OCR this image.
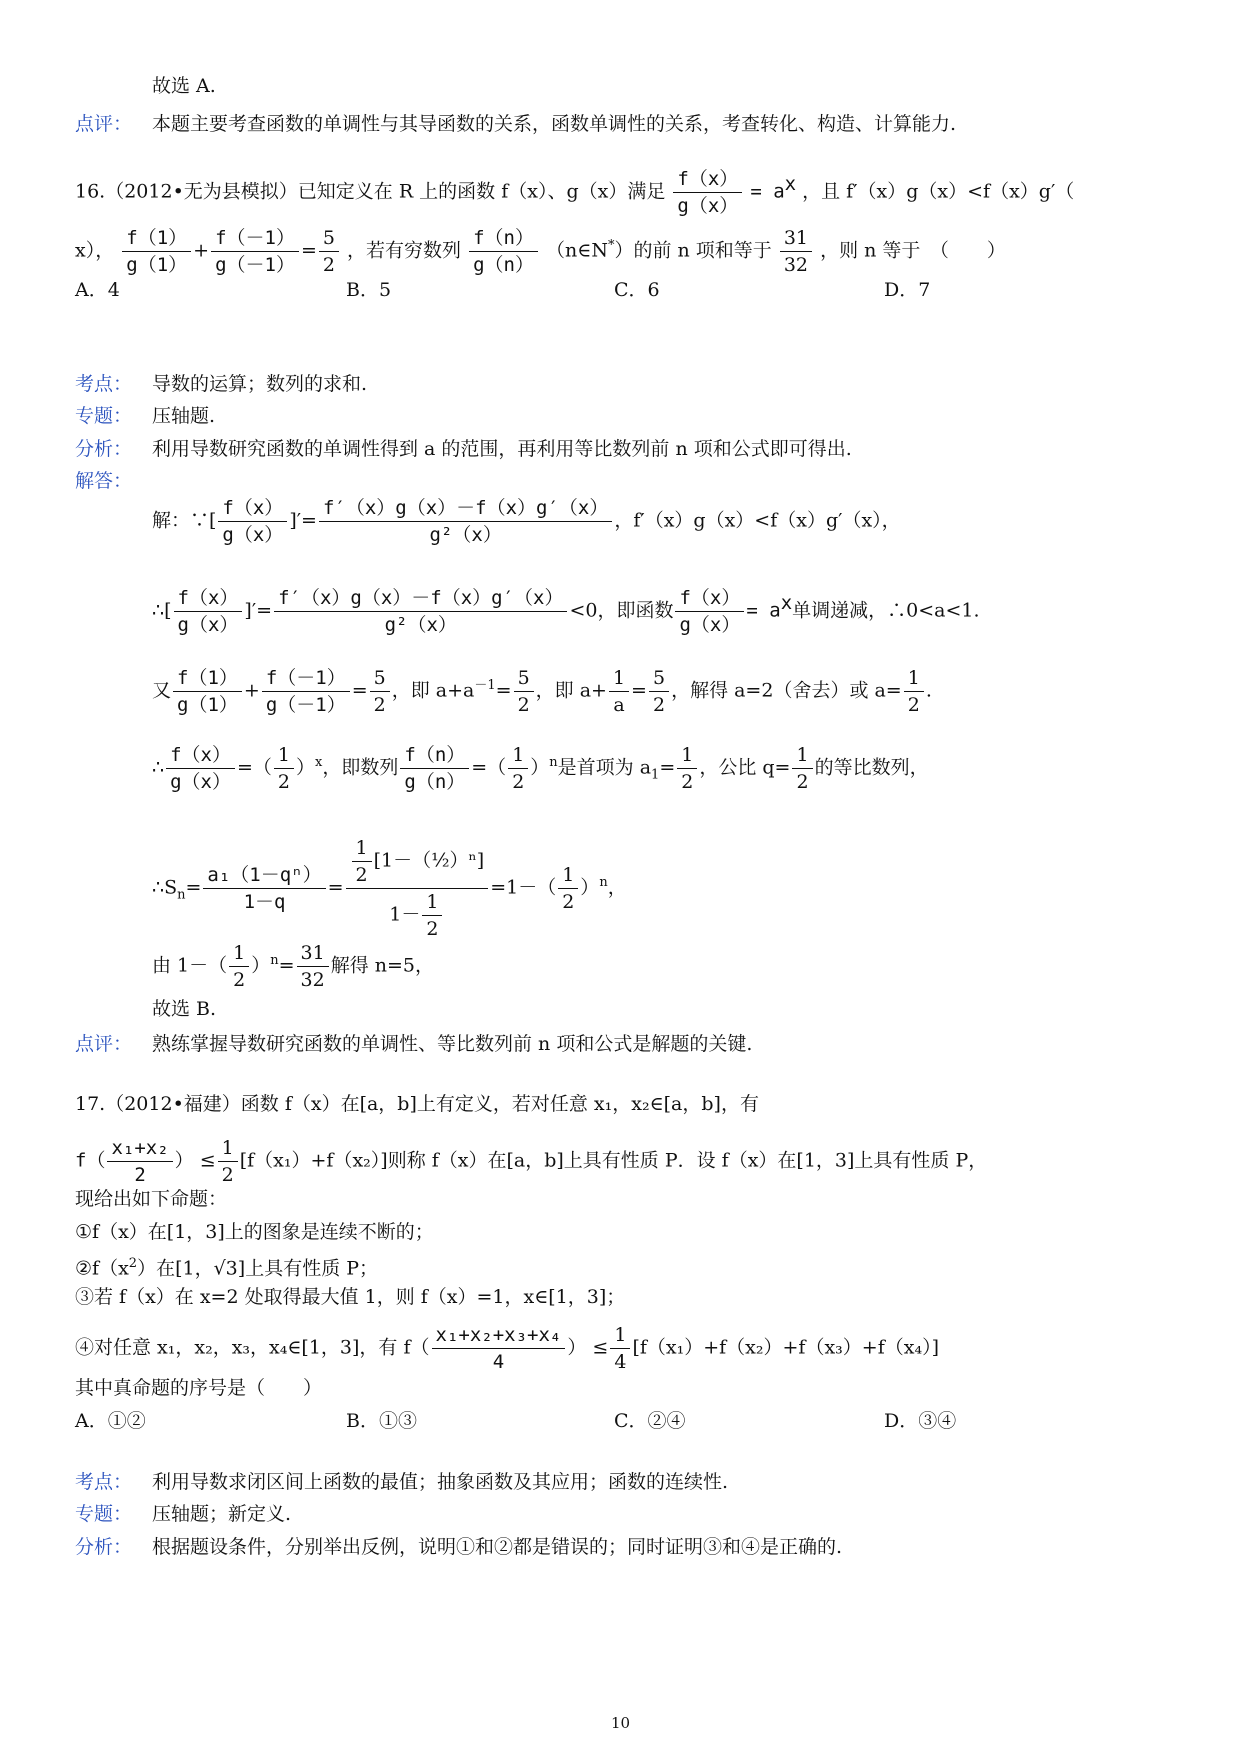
故选 A.
点评： 本题主要考查函数的单调性与其导函数的关系，函数单调性的关系，考查转化、构造、计算能力.
16.（2012•无为县模拟）已知定义在 R 上的函数 f（x）、g（x）满足 $\frac{f(x)}{g(x)} = a^x$ ，且 f′（x）g（x）<f（x）g′（
x）， $\frac{f(1)}{g(1)} + \frac{f(-1)}{g(-1)} = \frac{5}{2}$ ，若有穷数列 $\frac{f(n)}{g(n)}$ （n∈N*）的前 n 项和等于 $\frac{31}{32}$ ，则 n 等于　（　　）
A．4	B．5	C．6	D．7
考点： 导数的运算；数列的求和.
专题： 压轴题.
分析： 利用导数研究函数的单调性得到 a 的范围，再利用等比数列前 n 项和公式即可得出.
解答：
解：∵[ $\frac{f(x)}{g(x)}$ ]′= $\frac{f'(x)g(x)-f(x)g'(x)}{\text{g²（x）}}$ ，f′（x）g（x）<f（x）g′（x），
∴[ $\frac{f(x)}{g(x)}$ ]′= $\frac{f'(x)g(x)-f(x)g'(x)}{\text{g²（x）}} <0$，即函数 $\frac{f(x)}{g(x)} = a^x$单调递减，∴0<a<1.
又 $\frac{f(1)}{g(1)} + \frac{f(-1)}{g(-1)} = \frac{5}{2}$ ，即 $a+a^{-1}= \frac{5}{2}$ ，即 $a+ \frac{1}{a} = \frac{5}{2}$ ，解得 a=2（舍去）或 $a= \frac{1}{2}$ .
∴ $\frac{f(x)}{g(x)}$ =（ $\frac{1}{2} )^x$，即数列 $\frac{f(n)}{g(n)}$ =（ $\frac{1}{2} )^n$是首项为 $a_1= \frac{1}{2}$ ，公比 $q= \frac{1}{2}$ 的等比数列，
$\therefore S_n= \frac{\text{a₁（1－qⁿ）}}{1-q} = \frac{\frac{1}{2} [1-(\frac{1}{2})^n]}{1- \frac{1}{2}} =1-( \frac{1}{2} )^n$，
由 $1-( \frac{1}{2} )^n= \frac{31}{32}$ 解得 n=5，
故选 B.
点评： 熟练掌握导数研究函数的单调性、等比数列前 n 项和公式是解题的关键.
17.（2012•福建）函数 f（x）在[a，b]上有定义，若对任意 x₁，x₂∈[a，b]，有
$f( \frac{\text{x₁+x₂}}{2}$ ） ≤ $\frac{1}{2} [f(x_1)+f(x_2)]$则称 f（x）在[a，b]上具有性质 P．设 f（x）在[1，3]上具有性质 P，
现给出如下命题：
①f（x）在[1，3]上的图象是连续不断的；
$②f(x^2)$在[1，√3]上具有性质 P；
③若 f（x）在 x=2 处取得最大值 1，则 f（x）=1，x∈[1，3]；
④对任意 x₁，x₂，x₃，x₄∈[1，3]，有 $f( \frac{\text{x₁+x₂+x₃+x₄}}{4}$ ） ≤ $\frac{1}{4} [f(x_1)+f(x_2)+f(x_3)+f(x_4)]$
其中真命题的序号是（　　）
A．①②	B．①③	C．②④	D．③④
考点： 利用导数求闭区间上函数的最值；抽象函数及其应用；函数的连续性.
专题： 压轴题；新定义.
分析： 根据题设条件，分别举出反例，说明①和②都是错误的；同时证明③和④是正确的.
10
